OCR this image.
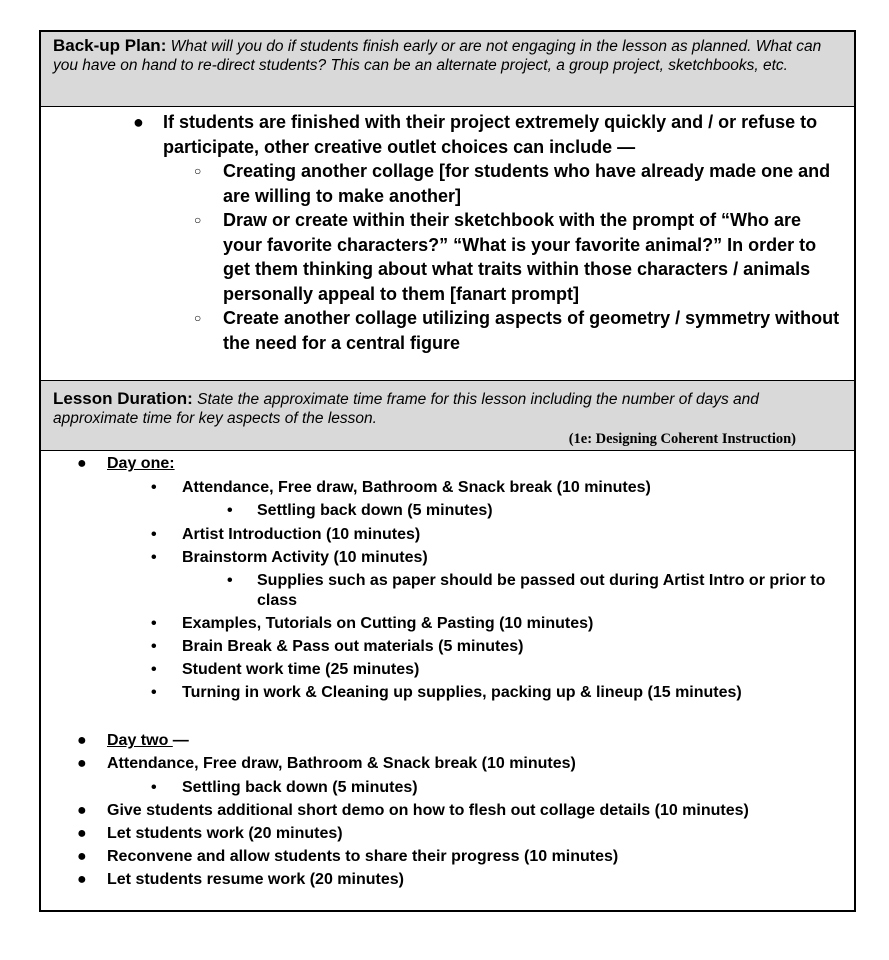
Back-up Plan: What will you do if students finish early or are not engaging in the lesson as planned. What can you have on hand to re-direct students? This can be an alternate project, a group project, sketchbooks, etc.
● If students are finished with their project extremely quickly and / or refuse to participate, other creative outlet choices can include —
○ Creating another collage [for students who have already made one and are willing to make another]
○ Draw or create within their sketchbook with the prompt of “Who are your favorite characters?” “What is your favorite animal?” In order to get them thinking about what traits within those characters / animals personally appeal to them [fanart prompt]
○ Create another collage utilizing aspects of geometry / symmetry without the need for a central figure
Lesson Duration: State the approximate time frame for this lesson including the number of days and approximate time for key aspects of the lesson.
(1e: Designing Coherent Instruction)
● Day one:
• Attendance, Free draw, Bathroom & Snack break (10 minutes)
• Settling back down (5 minutes)
• Artist Introduction (10 minutes)
• Brainstorm Activity (10 minutes)
• Supplies such as paper should be passed out during Artist Intro or prior to class
• Examples, Tutorials on Cutting & Pasting (10 minutes)
• Brain Break & Pass out materials (5 minutes)
• Student work time (25 minutes)
• Turning in work & Cleaning up supplies, packing up & lineup (15 minutes)
● Day two —
● Attendance, Free draw, Bathroom & Snack break (10 minutes)
• Settling back down (5 minutes)
● Give students additional short demo on how to flesh out collage details (10 minutes)
● Let students work (20 minutes)
● Reconvene and allow students to share their progress (10 minutes)
● Let students resume work (20 minutes)
